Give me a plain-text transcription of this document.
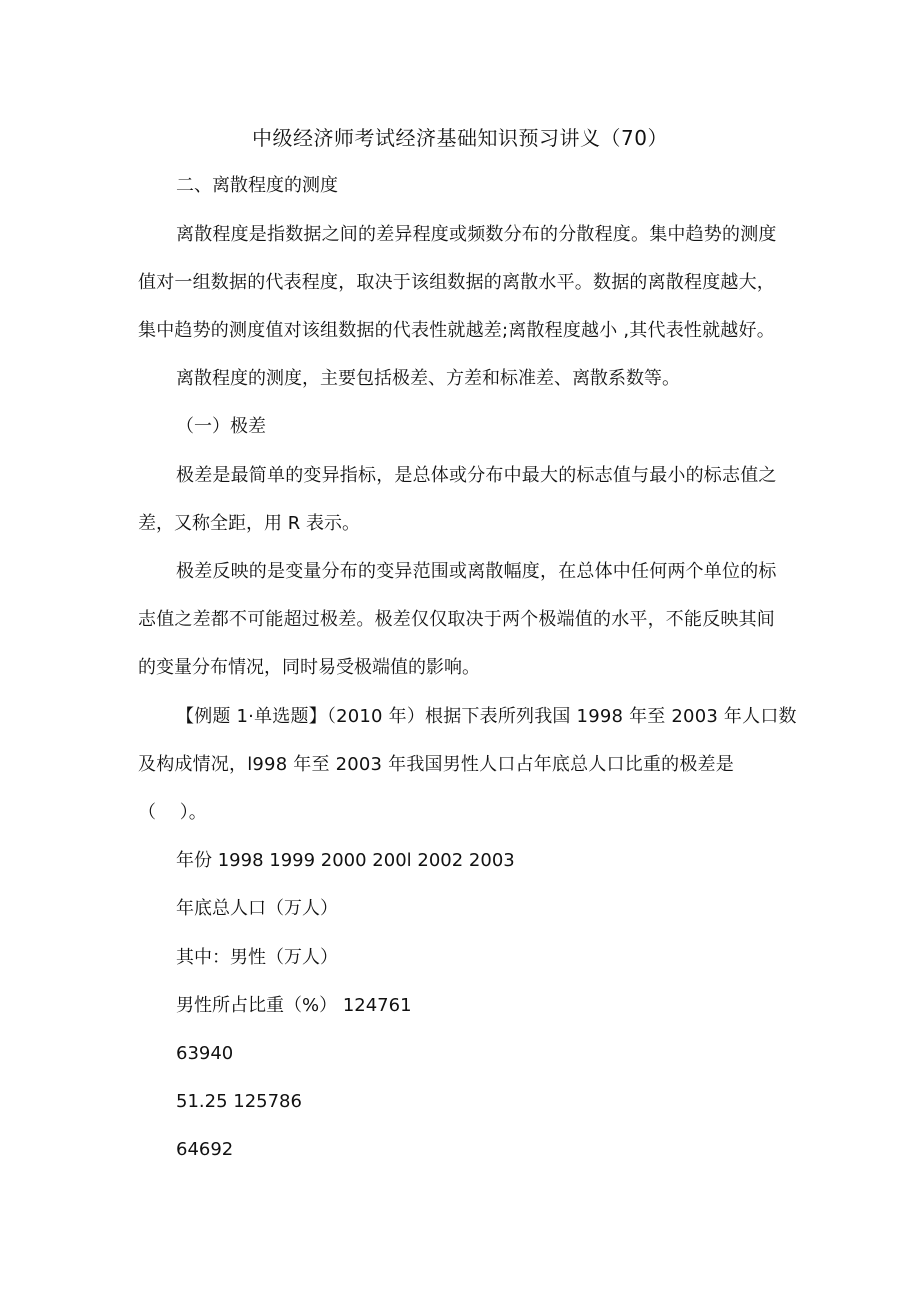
中级经济师考试经济基础知识预习讲义（70）
二、离散程度的测度
离散程度是指数据之间的差异程度或频数分布的分散程度。集中趋势的测度
值对一组数据的代表程度，取决于该组数据的离散水平。数据的离散程度越大，
集中趋势的测度值对该组数据的代表性就越差;离散程度越小 ,其代表性就越好。
离散程度的测度，主要包括极差、方差和标准差、离散系数等。
（一）极差
极差是最简单的变异指标，是总体或分布中最大的标志值与最小的标志值之
差，又称全距，用 R 表示。
极差反映的是变量分布的变异范围或离散幅度，在总体中任何两个单位的标
志值之差都不可能超过极差。极差仅仅取决于两个极端值的水平，不能反映其间
的变量分布情况，同时易受极端值的影响。
【例题 1·单选题】（2010 年）根据下表所列我国 1998 年至 2003 年人口数
及构成情况，l998 年至 2003 年我国男性人口占年底总人口比重的极差是
（　 ）。
年份 1998 1999 2000 200l 2002 2003
年底总人口（万人）
其中：男性（万人）
男性所占比重（%） 124761
63940
51.25 125786
64692
